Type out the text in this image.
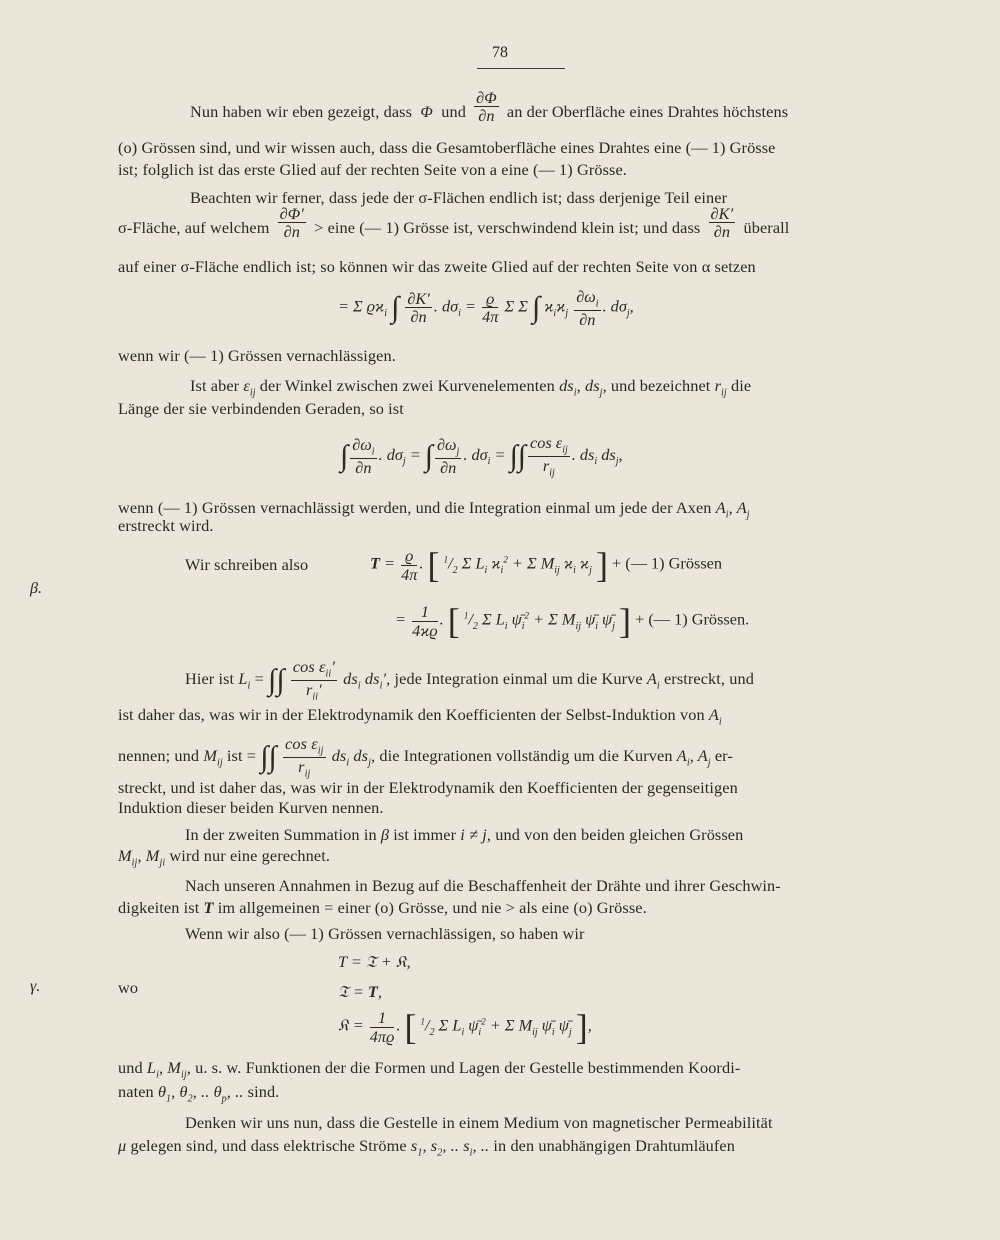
78
β.
γ.
Nun haben wir eben gezeigt, dass  Φ  und $\frac{\partial\Phi}{\partial n}$ an der Oberfläche eines Drahtes höchstens
(o) Grössen sind, und wir wissen auch, dass die Gesamtoberfläche eines Drahtes eine (— 1) Grösse
ist; folglich ist das erste Glied auf der rechten Seite von a eine (— 1) Grösse.
Beachten wir ferner, dass jede der σ-Flächen endlich ist; dass derjenige Teil einer
σ-Fläche, auf welchem $\frac{\partial\Phi'}{\partial n}$ > eine (— 1) Grösse ist, verschwindend klein ist; und dass $\frac{\partial K'}{\partial n}$ überall
auf einer σ-Fläche endlich ist; so können wir das zweite Glied auf der rechten Seite von α setzen
= Σ $ϱϰ_i$ ∫ $\frac{\partial K'}{\partial n}$ . $d\sigma_i = \frac{ϱ}{4\pi}$ Σ Σ ∫ $ϰ_iϰ_j \frac{\partial\omega_i}{\partial n}$ . $d\sigma_j$,
wenn wir (— 1) Grössen vernachlässigen.
Ist aber $\varepsilon_{ij}$ der Winkel zwischen zwei Kurvenelementen $ds_i$, $ds_j$, und bezeichnet $r_{ij}$ die
Länge der sie verbindenden Geraden, so ist
∫ $\frac{\partial\omega_i}{\partial n}$ . $d\sigma_j$ = ∫ $\frac{\partial\omega_j}{\partial n}$ . $d\sigma_i$ = ∫∫ $\frac{\cos \varepsilon_{ij}}{r_{ij}}$ . $ds_i$ $ds_j$,
wenn (— 1) Grössen vernachlässigt werden, und die Integration einmal um jede der Axen $A_i$, $A_j$
erstreckt wird.
Wir schreiben also	$T = \frac{ϱ}{4\pi}$ . [ $^1/_2$ Σ $L_i$ $ϰ_i^2 + \Sigma$ $M_{ij}$ $ϰ_i$ $ϰ_j$ ] + (— 1) Grössen
= $\frac{1}{4ϰϱ}$ . [ $^1/_2$ Σ $L_i$ $\psī_i^2 + \Sigma$ $M_{ij}$ $\psī_i$ $\psī_j$ ] + (— 1) Grössen.
Hier ist $L_i$ = ∫∫ $\frac{\cos \varepsilon_{ii}'}{r_{ii}'} ds_i$ $ds_i'$, jede Integration einmal um die Kurve $A_i$ erstreckt, und
ist daher das, was wir in der Elektrodynamik den Koefficienten der Selbst-Induktion von $A_i$
nennen; und $M_{ij}$ ist = ∫∫ $\frac{\cos \varepsilon_{ij}}{r_{ij}} ds_i$ $ds_j$, die Integrationen vollständig um die Kurven $A_i$, $A_j$ er-
streckt, und ist daher das, was wir in der Elektrodynamik den Koefficienten der gegenseitigen
Induktion dieser beiden Kurven nennen.
In der zweiten Summation in β ist immer i ≠ j, und von den beiden gleichen Grössen
$M_{ij}$, $M_{ji}$ wird nur eine gerechnet.
Nach unseren Annahmen in Bezug auf die Beschaffenheit der Drähte und ihrer Geschwin-
digkeiten ist T im allgemeinen = einer (o) Grösse, und nie > als eine (o) Grösse.
Wenn wir also (— 1) Grössen vernachlässigen, so haben wir
T = 𝔗 + 𝔎,
wo	𝔗 = T,
𝔎 = $\frac{1}{4\pi ϱ}$ . [ $^1/_2$ Σ $L_i$ $\psī_i^2 + \Sigma$ $M_{ij}$ $\psī_i$ $\psī_j$ ],
und $L_i$, $M_{ij}$, u. s. w. Funktionen der die Formen und Lagen der Gestelle bestimmenden Koordi-
naten $\theta_1$, $\theta_2$, .. $\theta_p$, .. sind.
Denken wir uns nun, dass die Gestelle in einem Medium von magnetischer Permeabilität
μ gelegen sind, und dass elektrische Ströme $s_1$, $s_2$, .. $s_i$, .. in den unabhängigen Drahtumläufen
